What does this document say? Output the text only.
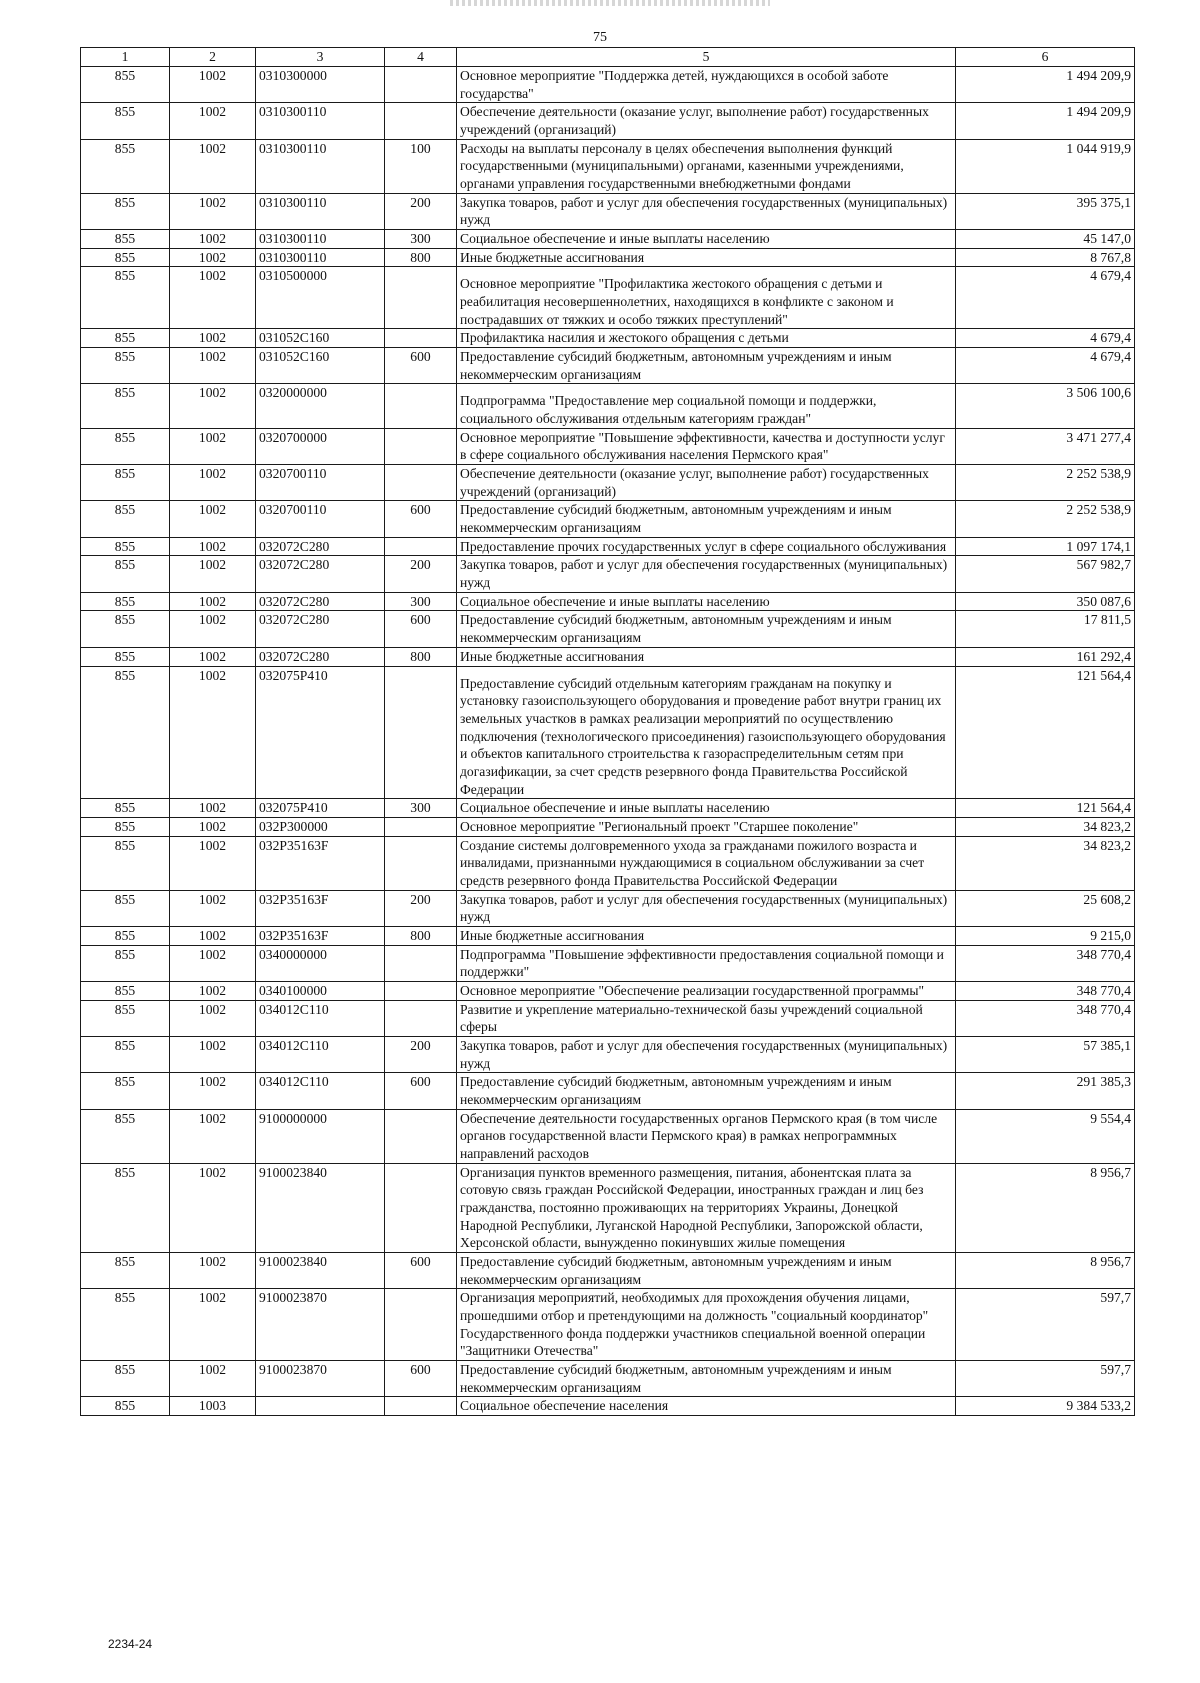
75
1	2	3	4	5	6
855	1002	0310300000		Основное мероприятие "Поддержка детей, нуждающихся в особой заботе государства"	1 494 209,9
855	1002	0310300110		Обеспечение деятельности (оказание услуг, выполнение работ) государственных учреждений (организаций)	1 494 209,9
855	1002	0310300110	100	Расходы на выплаты персоналу в целях обеспечения выполнения функций государственными (муниципальными) органами, казенными учреждениями, органами управления государственными внебюджетными фондами	1 044 919,9
855	1002	0310300110	200	Закупка товаров, работ и услуг для обеспечения государственных (муниципальных) нужд	395 375,1
855	1002	0310300110	300	Социальное обеспечение и иные выплаты населению	45 147,0
855	1002	0310300110	800	Иные бюджетные ассигнования	8 767,8
855	1002	0310500000		Основное мероприятие "Профилактика жестокого обращения с детьми и реабилитация несовершеннолетних, находящихся в конфликте с законом и пострадавших от тяжких и особо тяжких преступлений"	4 679,4
855	1002	031052С160		Профилактика насилия и жестокого обращения с детьми	4 679,4
855	1002	031052С160	600	Предоставление субсидий бюджетным, автономным учреждениям и иным некоммерческим организациям	4 679,4
855	1002	0320000000		Подпрограмма "Предоставление мер социальной помощи и поддержки, социального обслуживания отдельным категориям граждан"	3 506 100,6
855	1002	0320700000		Основное мероприятие "Повышение эффективности, качества и доступности услуг в сфере социального обслуживания населения Пермского края"	3 471 277,4
855	1002	0320700110		Обеспечение деятельности (оказание услуг, выполнение работ) государственных учреждений (организаций)	2 252 538,9
855	1002	0320700110	600	Предоставление субсидий бюджетным, автономным учреждениям и иным некоммерческим организациям	2 252 538,9
855	1002	032072С280		Предоставление прочих государственных услуг в сфере социального обслуживания	1 097 174,1
855	1002	032072С280	200	Закупка товаров, работ и услуг для обеспечения государственных (муниципальных) нужд	567 982,7
855	1002	032072С280	300	Социальное обеспечение и иные выплаты населению	350 087,6
855	1002	032072С280	600	Предоставление субсидий бюджетным, автономным учреждениям и иным некоммерческим организациям	17 811,5
855	1002	032072С280	800	Иные бюджетные ассигнования	161 292,4
855	1002	032075Р410		Предоставление субсидий отдельным категориям гражданам на покупку и установку газоиспользующего оборудования и проведение работ внутри границ их земельных участков в рамках реализации мероприятий по осуществлению подключения (технологического присоединения) газоиспользующего оборудования и объектов капитального строительства к газораспределительным сетям при догазификации, за счет средств резервного фонда Правительства Российской Федерации	121 564,4
855	1002	032075Р410	300	Социальное обеспечение и иные выплаты населению	121 564,4
855	1002	032Р300000		Основное мероприятие "Региональный проект "Старшее поколение"	34 823,2
855	1002	032Р35163F		Создание системы долговременного ухода за гражданами пожилого возраста и инвалидами, признанными нуждающимися в социальном обслуживании за счет средств резервного фонда Правительства Российской Федерации	34 823,2
855	1002	032Р35163F	200	Закупка товаров, работ и услуг для обеспечения государственных (муниципальных) нужд	25 608,2
855	1002	032Р35163F	800	Иные бюджетные ассигнования	9 215,0
855	1002	0340000000		Подпрограмма "Повышение эффективности предоставления социальной помощи и поддержки"	348 770,4
855	1002	0340100000		Основное мероприятие "Обеспечение реализации государственной программы"	348 770,4
855	1002	034012С110		Развитие и укрепление материально-технической базы учреждений социальной сферы	348 770,4
855	1002	034012С110	200	Закупка товаров, работ и услуг для обеспечения государственных (муниципальных) нужд	57 385,1
855	1002	034012С110	600	Предоставление субсидий бюджетным, автономным учреждениям и иным некоммерческим организациям	291 385,3
855	1002	9100000000		Обеспечение деятельности государственных органов Пермского края (в том числе органов государственной власти Пермского края) в рамках непрограммных направлений расходов	9 554,4
855	1002	9100023840		Организация пунктов временного размещения, питания, абонентская плата за сотовую связь граждан Российской Федерации, иностранных граждан и лиц без гражданства, постоянно проживающих на территориях Украины, Донецкой Народной Республики, Луганской Народной Республики, Запорожской области, Херсонской области, вынужденно покинувших жилые помещения	8 956,7
855	1002	9100023840	600	Предоставление субсидий бюджетным, автономным учреждениям и иным некоммерческим организациям	8 956,7
855	1002	9100023870		Организация мероприятий, необходимых для прохождения обучения лицами, прошедшими отбор и претендующими на должность "социальный координатор" Государственного фонда поддержки участников специальной военной операции "Защитники Отечества"	597,7
855	1002	9100023870	600	Предоставление субсидий бюджетным, автономным учреждениям и иным некоммерческим организациям	597,7
855	1003			Социальное обеспечение населения	9 384 533,2
2234-24
